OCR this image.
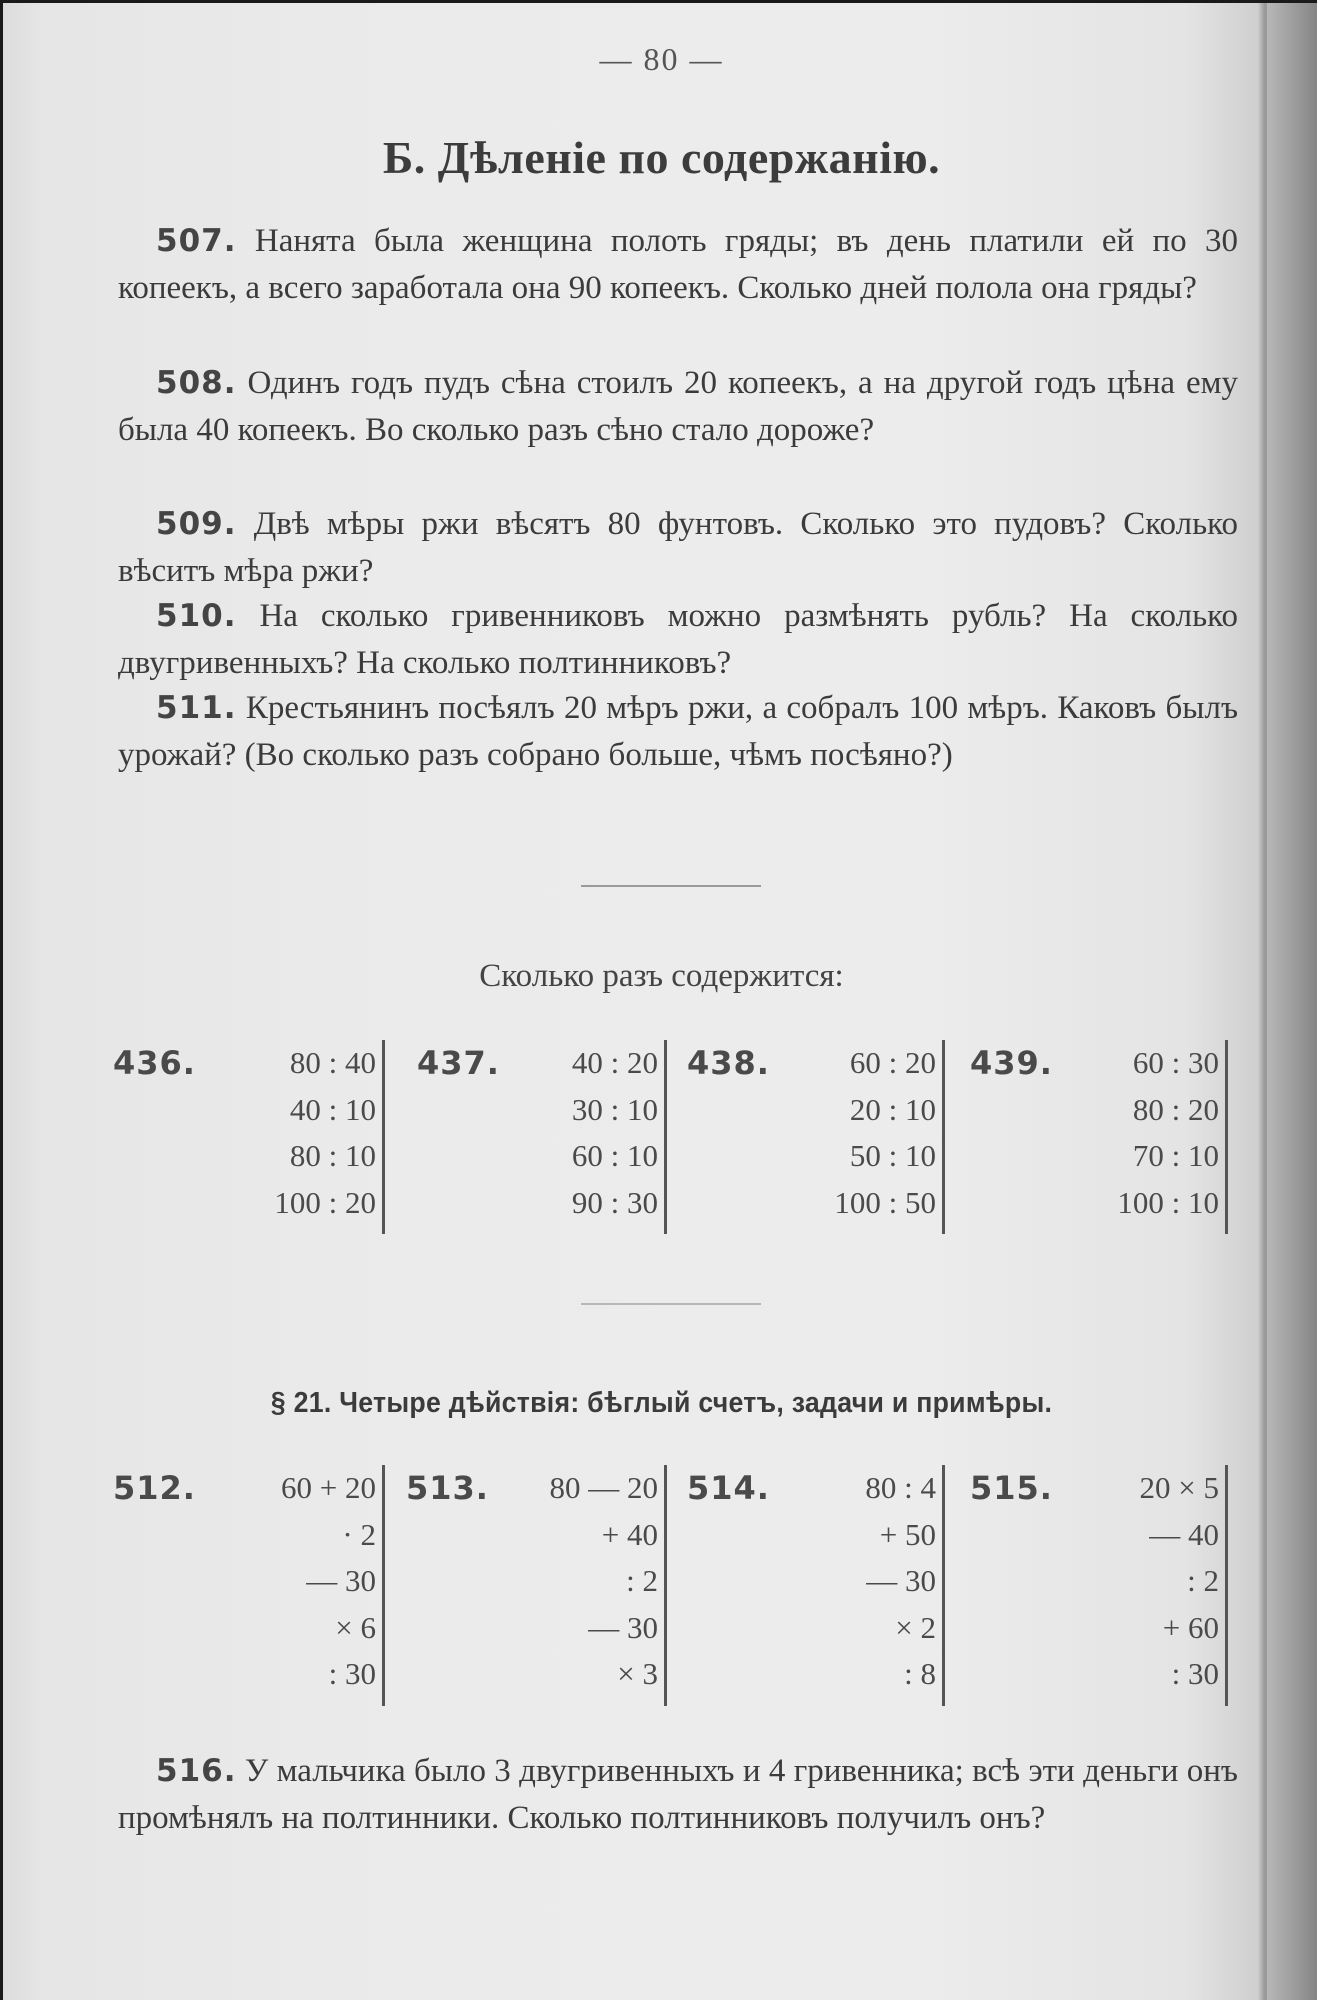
— 80 —
Б. Дѣленіе по содержанію.
507. Нанята была женщина полоть гряды; въ день платили ей по 30 копеекъ, а всего заработала она 90 копеекъ. Сколько дней полола она гряды?
508. Одинъ годъ пудъ сѣна стоилъ 20 копеекъ, а на другой годъ цѣна ему была 40 копеекъ. Во сколько разъ сѣно стало дороже?
509. Двѣ мѣры ржи вѣсятъ 80 фунтовъ. Сколько это пудовъ? Сколько вѣситъ мѣра ржи?
510. На сколько гривенниковъ можно размѣнять рубль? На сколько двугривенныхъ? На сколько полтинниковъ?
511. Крестьянинъ посѣялъ 20 мѣръ ржи, а собралъ 100 мѣръ. Каковъ былъ урожай? (Во сколько разъ собрано больше, чѣмъ посѣяно?)
Сколько разъ содержится:
436.	80 : 40
40 : 10
80 : 10
100 : 20
437. 40 : 20
30 : 10
60 : 10
90 : 30
438.	60 : 20
20 : 10
50 : 10
100 : 50
439.	60 : 30
80 : 20
70 : 10
100 : 10
§ 21. Четыре дѣйствія: бѣглый счетъ, задачи и примѣры.
512.	60 + 20
· 2
— 30
× 6
: 30
513. 80 — 20
+ 40
: 2
— 30
× 3
514.	80 : 4
+ 50
— 30
× 2
: 8
515.	20 × 5
— 40
: 2
+ 60
: 30
516. У мальчика было 3 двугривенныхъ и 4 гривенника; всѣ эти деньги онъ промѣнялъ на полтинники. Сколько полтинниковъ получилъ онъ?
